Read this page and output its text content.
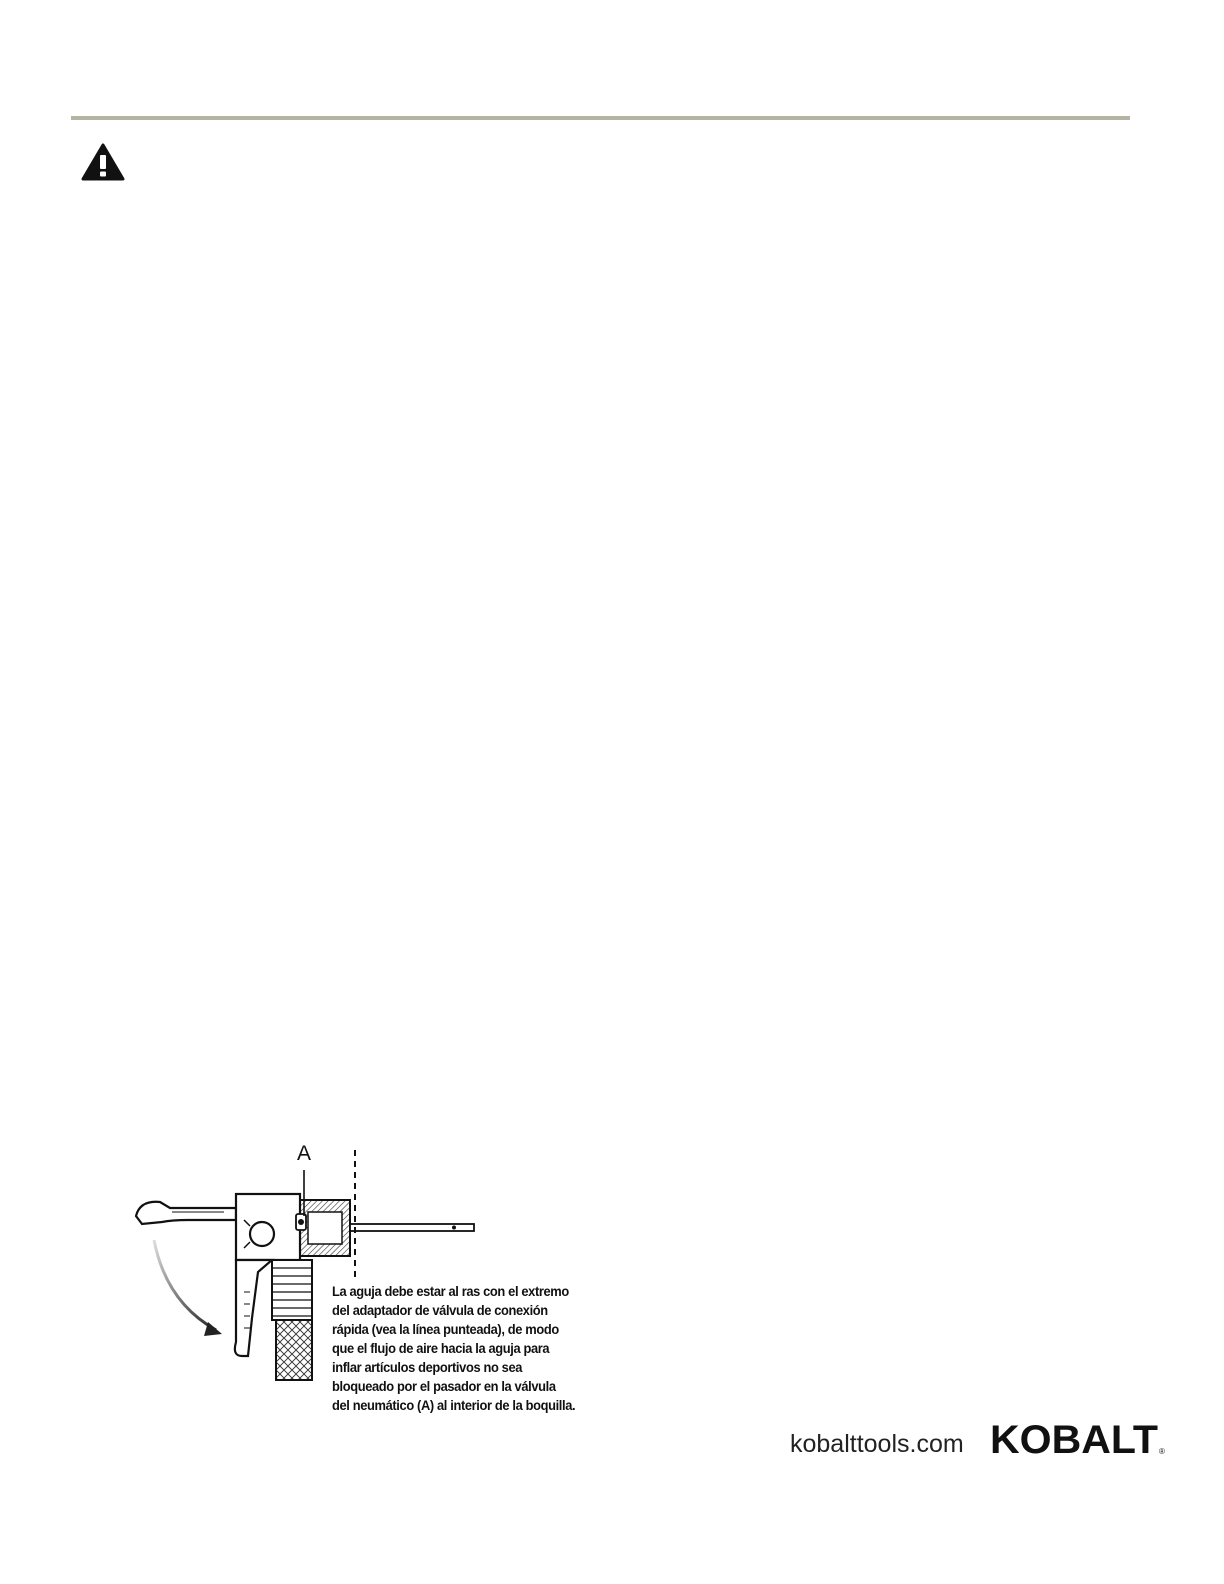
A
La aguja debe estar al ras con el extremo
del adaptador de válvula de conexión
rápida (vea la línea punteada), de modo
que el flujo de aire hacia la aguja para
inflar artículos deportivos no sea
bloqueado por el pasador en la válvula
del neumático (A) al interior de la boquilla.
kobalttools.com KOBALT ®
